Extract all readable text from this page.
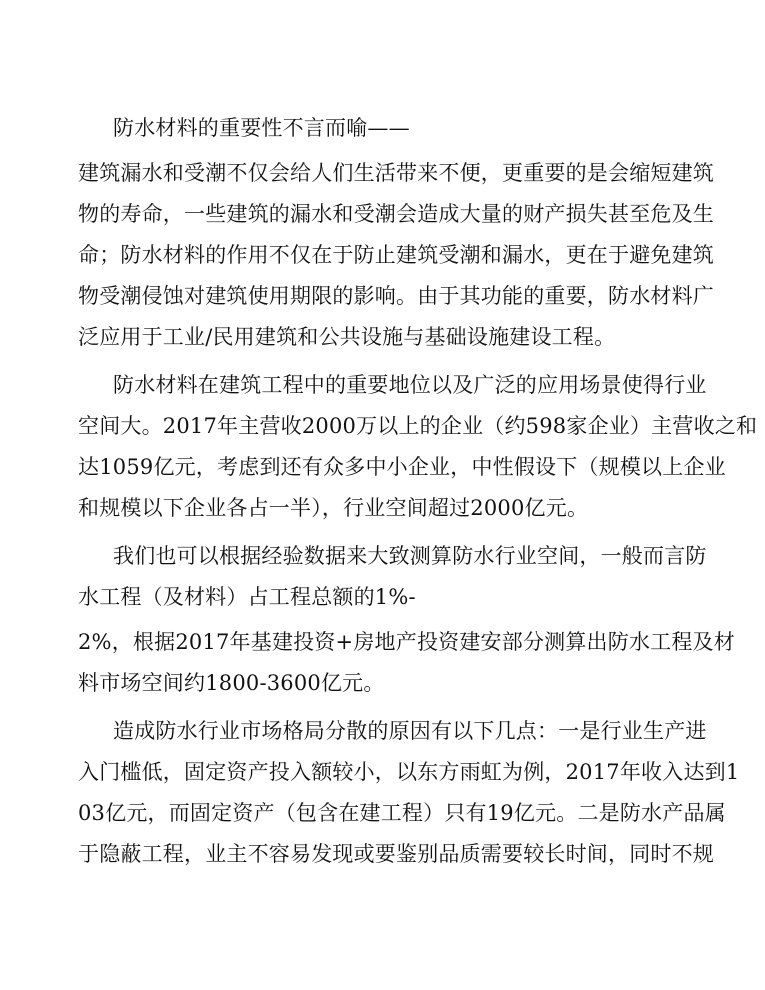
防水材料的重要性不言而喻——
建筑漏水和受潮不仅会给人们生活带来不便，更重要的是会缩短建筑
物的寿命，一些建筑的漏水和受潮会造成大量的财产损失甚至危及生
命；防水材料的作用不仅在于防止建筑受潮和漏水，更在于避免建筑
物受潮侵蚀对建筑使用期限的影响。由于其功能的重要，防水材料广
泛应用于工业/民用建筑和公共设施与基础设施建设工程。
防水材料在建筑工程中的重要地位以及广泛的应用场景使得行业
空间大。2017年主营收2000万以上的企业（约598家企业）主营收之和
达1059亿元，考虑到还有众多中小企业，中性假设下（规模以上企业
和规模以下企业各占一半），行业空间超过2000亿元。
我们也可以根据经验数据来大致测算防水行业空间，一般而言防
水工程（及材料）占工程总额的1%-
2%，根据2017年基建投资+房地产投资建安部分测算出防水工程及材
料市场空间约1800-3600亿元。
造成防水行业市场格局分散的原因有以下几点：一是行业生产进
入门槛低，固定资产投入额较小，以东方雨虹为例，2017年收入达到1
03亿元，而固定资产（包含在建工程）只有19亿元。二是防水产品属
于隐蔽工程，业主不容易发现或要鉴别品质需要较长时间，同时不规
